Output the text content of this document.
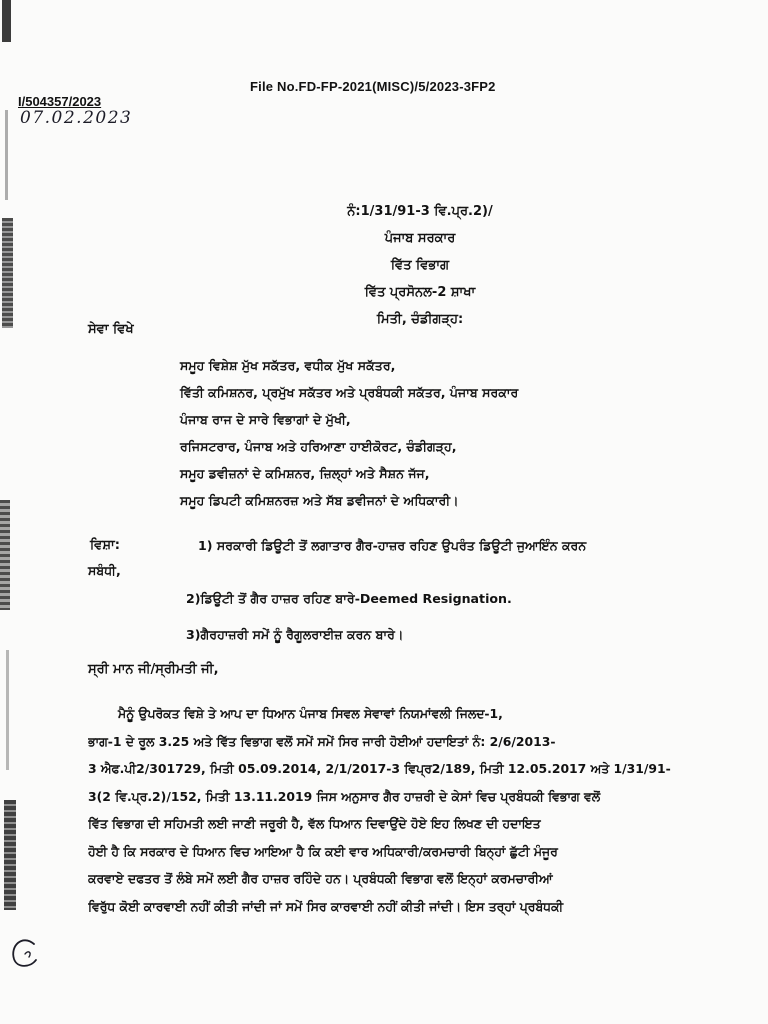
File No.FD-FP-2021(MISC)/5/2023-3FP2
I/504357/2023
07.02.2023
ਨੰ:1/31/91-3 ਵਿ.ਪ੍ਰ.2)/
ਪੰਜਾਬ ਸਰਕਾਰ
ਵਿੱਤ ਵਿਭਾਗ
ਵਿੱਤ ਪ੍ਰਸੋਨਲ-2 ਸ਼ਾਖਾ
ਮਿਤੀ, ਚੰਡੀਗੜ੍ਹ:
ਸੇਵਾ ਵਿਖੇ
ਸਮੂਹ ਵਿਸ਼ੇਸ਼ ਮੁੱਖ ਸਕੱਤਰ, ਵਧੀਕ ਮੁੱਖ ਸਕੱਤਰ,
ਵਿੱਤੀ ਕਮਿਸ਼ਨਰ, ਪ੍ਰਮੁੱਖ ਸਕੱਤਰ ਅਤੇ ਪ੍ਰਬੰਧਕੀ ਸਕੱਤਰ, ਪੰਜਾਬ ਸਰਕਾਰ
ਪੰਜਾਬ ਰਾਜ ਦੇ ਸਾਰੇ ਵਿਭਾਗਾਂ ਦੇ ਮੁੱਖੀ,
ਰਜਿਸਟਰਾਰ, ਪੰਜਾਬ ਅਤੇ ਹਰਿਆਣਾ ਹਾਈਕੋਰਟ, ਚੰਡੀਗੜ੍ਹ,
ਸਮੂਹ ਡਵੀਜ਼ਨਾਂ ਦੇ ਕਮਿਸ਼ਨਰ, ਜ਼ਿਲ੍ਹਾਂ ਅਤੇ ਸੈਸ਼ਨ ਜੱਜ,
ਸਮੂਹ ਡਿਪਟੀ ਕਮਿਸ਼ਨਰਜ਼ ਅਤੇ ਸੱਬ ਡਵੀਜਨਾਂ ਦੇ ਅਧਿਕਾਰੀ।
ਵਿਸ਼ਾ:	1) ਸਰਕਾਰੀ ਡਿਊਟੀ ਤੋਂ ਲਗਾਤਾਰ ਗੈਰ-ਹਾਜ਼ਰ ਰਹਿਣ ਉਪਰੰਤ ਡਿਊਟੀ ਜੁਆਇੰਨ ਕਰਨ
ਸਬੰਧੀ,
2)ਡਿਊਟੀ ਤੋਂ ਗੈਰ ਹਾਜ਼ਰ ਰਹਿਣ ਬਾਰੇ-Deemed Resignation.
3)ਗੈਰਹਾਜ਼ਰੀ ਸਮੇਂ ਨੂੰ ਰੈਗੂਲਰਾਈਜ਼ ਕਰਨ ਬਾਰੇ।
ਸ੍ਰੀ ਮਾਨ ਜੀ/ਸ੍ਰੀਮਤੀ ਜੀ,
ਮੈਨੂੰ ਉਪਰੋਕਤ ਵਿਸ਼ੇ ਤੇ ਆਪ ਦਾ ਧਿਆਨ ਪੰਜਾਬ ਸਿਵਲ ਸੇਵਾਵਾਂ ਨਿਯਮਾਂਵਲੀ ਜਿਲਦ-1,
ਭਾਗ-1 ਦੇ ਰੂਲ 3.25 ਅਤੇ ਵਿੱਤ ਵਿਭਾਗ ਵਲੋਂ ਸਮੇਂ ਸਮੇਂ ਸਿਰ ਜਾਰੀ ਹੋਈਆਂ ਹਦਾਇਤਾਂ ਨੰ: 2/6/2013-
3 ਐਫ.ਪੀ2/301729, ਮਿਤੀ 05.09.2014, 2/1/2017-3 ਵਿਪ੍ਰ2/189, ਮਿਤੀ 12.05.2017 ਅਤੇ 1/31/91-
3(2 ਵਿ.ਪ੍ਰ.2)/152, ਮਿਤੀ 13.11.2019 ਜਿਸ ਅਨੁਸਾਰ ਗੈਰ ਹਾਜ਼ਰੀ ਦੇ ਕੇਸਾਂ ਵਿਚ ਪ੍ਰਬੰਧਕੀ ਵਿਭਾਗ ਵਲੋਂ
ਵਿੱਤ ਵਿਭਾਗ ਦੀ ਸਹਿਮਤੀ ਲਈ ਜਾਣੀ ਜਰੂਰੀ ਹੈ, ਵੱਲ ਧਿਆਨ ਦਿਵਾਉਂਦੇ ਹੋਏ ਇਹ ਲਿਖਣ ਦੀ ਹਦਾਇਤ
ਹੋਈ ਹੈ ਕਿ ਸਰਕਾਰ ਦੇ ਧਿਆਨ ਵਿਚ ਆਇਆ ਹੈ ਕਿ ਕਈ ਵਾਰ ਅਧਿਕਾਰੀ/ਕਰਮਚਾਰੀ ਬਿਨ੍ਹਾਂ ਛੁੱਟੀ ਮੰਜੂਰ
ਕਰਵਾਏ ਦਫਤਰ ਤੋਂ ਲੰਬੇ ਸਮੇਂ ਲਈ ਗੈਰ ਹਾਜ਼ਰ ਰਹਿੰਦੇ ਹਨ। ਪ੍ਰਬੰਧਕੀ ਵਿਭਾਗ ਵਲੋਂ ਇਨ੍ਹਾਂ ਕਰਮਚਾਰੀਆਂ
ਵਿਰੁੱਧ ਕੋਈ ਕਾਰਵਾਈ ਨਹੀਂ ਕੀਤੀ ਜਾਂਦੀ ਜਾਂ ਸਮੇਂ ਸਿਰ ਕਾਰਵਾਈ ਨਹੀਂ ਕੀਤੀ ਜਾਂਦੀ। ਇਸ ਤਰ੍ਹਾਂ ਪ੍ਰਬੰਧਕੀ
